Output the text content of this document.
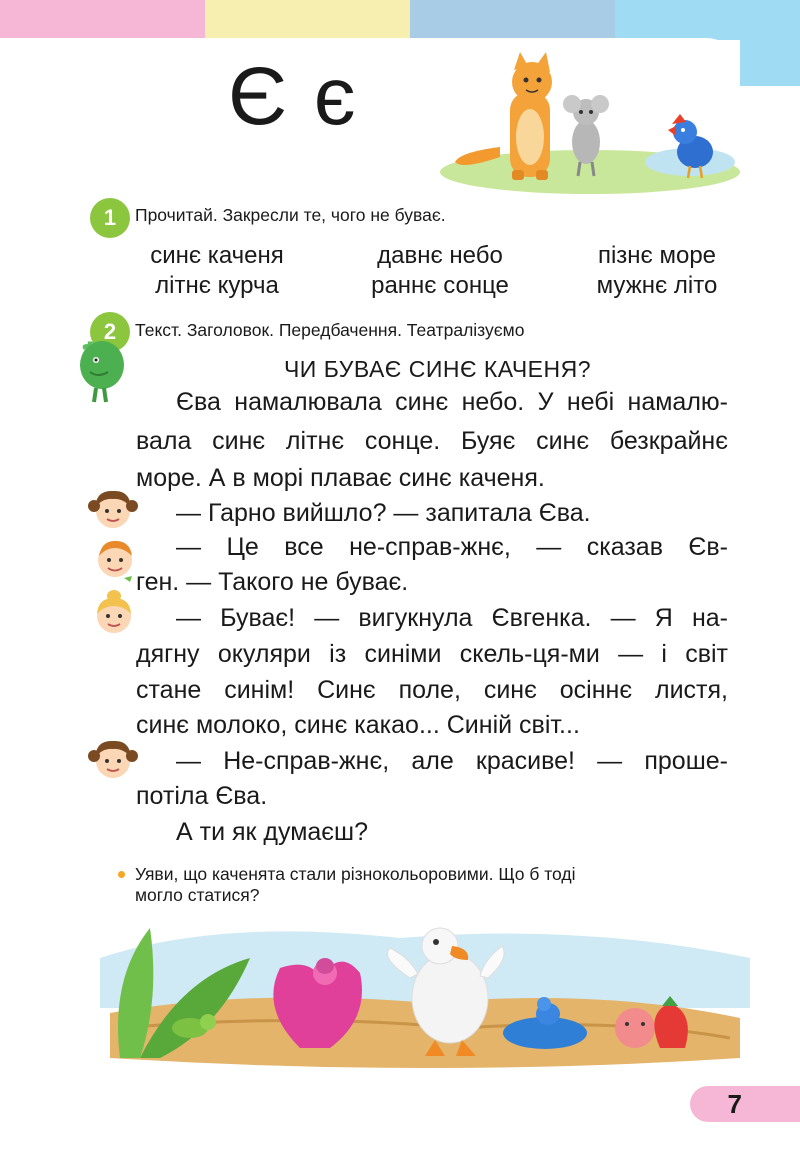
Є є
1	Прочитай. Закресли те, чого не буває.
синє каченя	давнє небо	пізнє море
літнє курча	раннє сонце	мужнє літо
2	Текст. Заголовок. Передбачення. Театралізуємо
ЧИ БУВАЄ СИНЄ КАЧЕНЯ?
Єва намалювала синє небо. У небі намалю-
вала синє літнє сонце. Буяє синє безкрайнє
море. А в морі плаває синє каченя.
— Гарно вийшло? — запитала Єва.
— Це все не-справ-жнє, — сказав Єв-
ген. — Такого не буває.
— Буває! — вигукнула Євгенка. — Я на-
дягну окуляри із синіми скель-ця-ми — і світ
стане синім! Синє поле, синє осіннє листя,
синє молоко, синє какао... Синій світ...
— Не-справ-жнє, але красиве! — проше-
потіла Єва.
А ти як думаєш?
Уяви, що каченята стали різнокольоровими. Що б тоді
могло статися?
7
